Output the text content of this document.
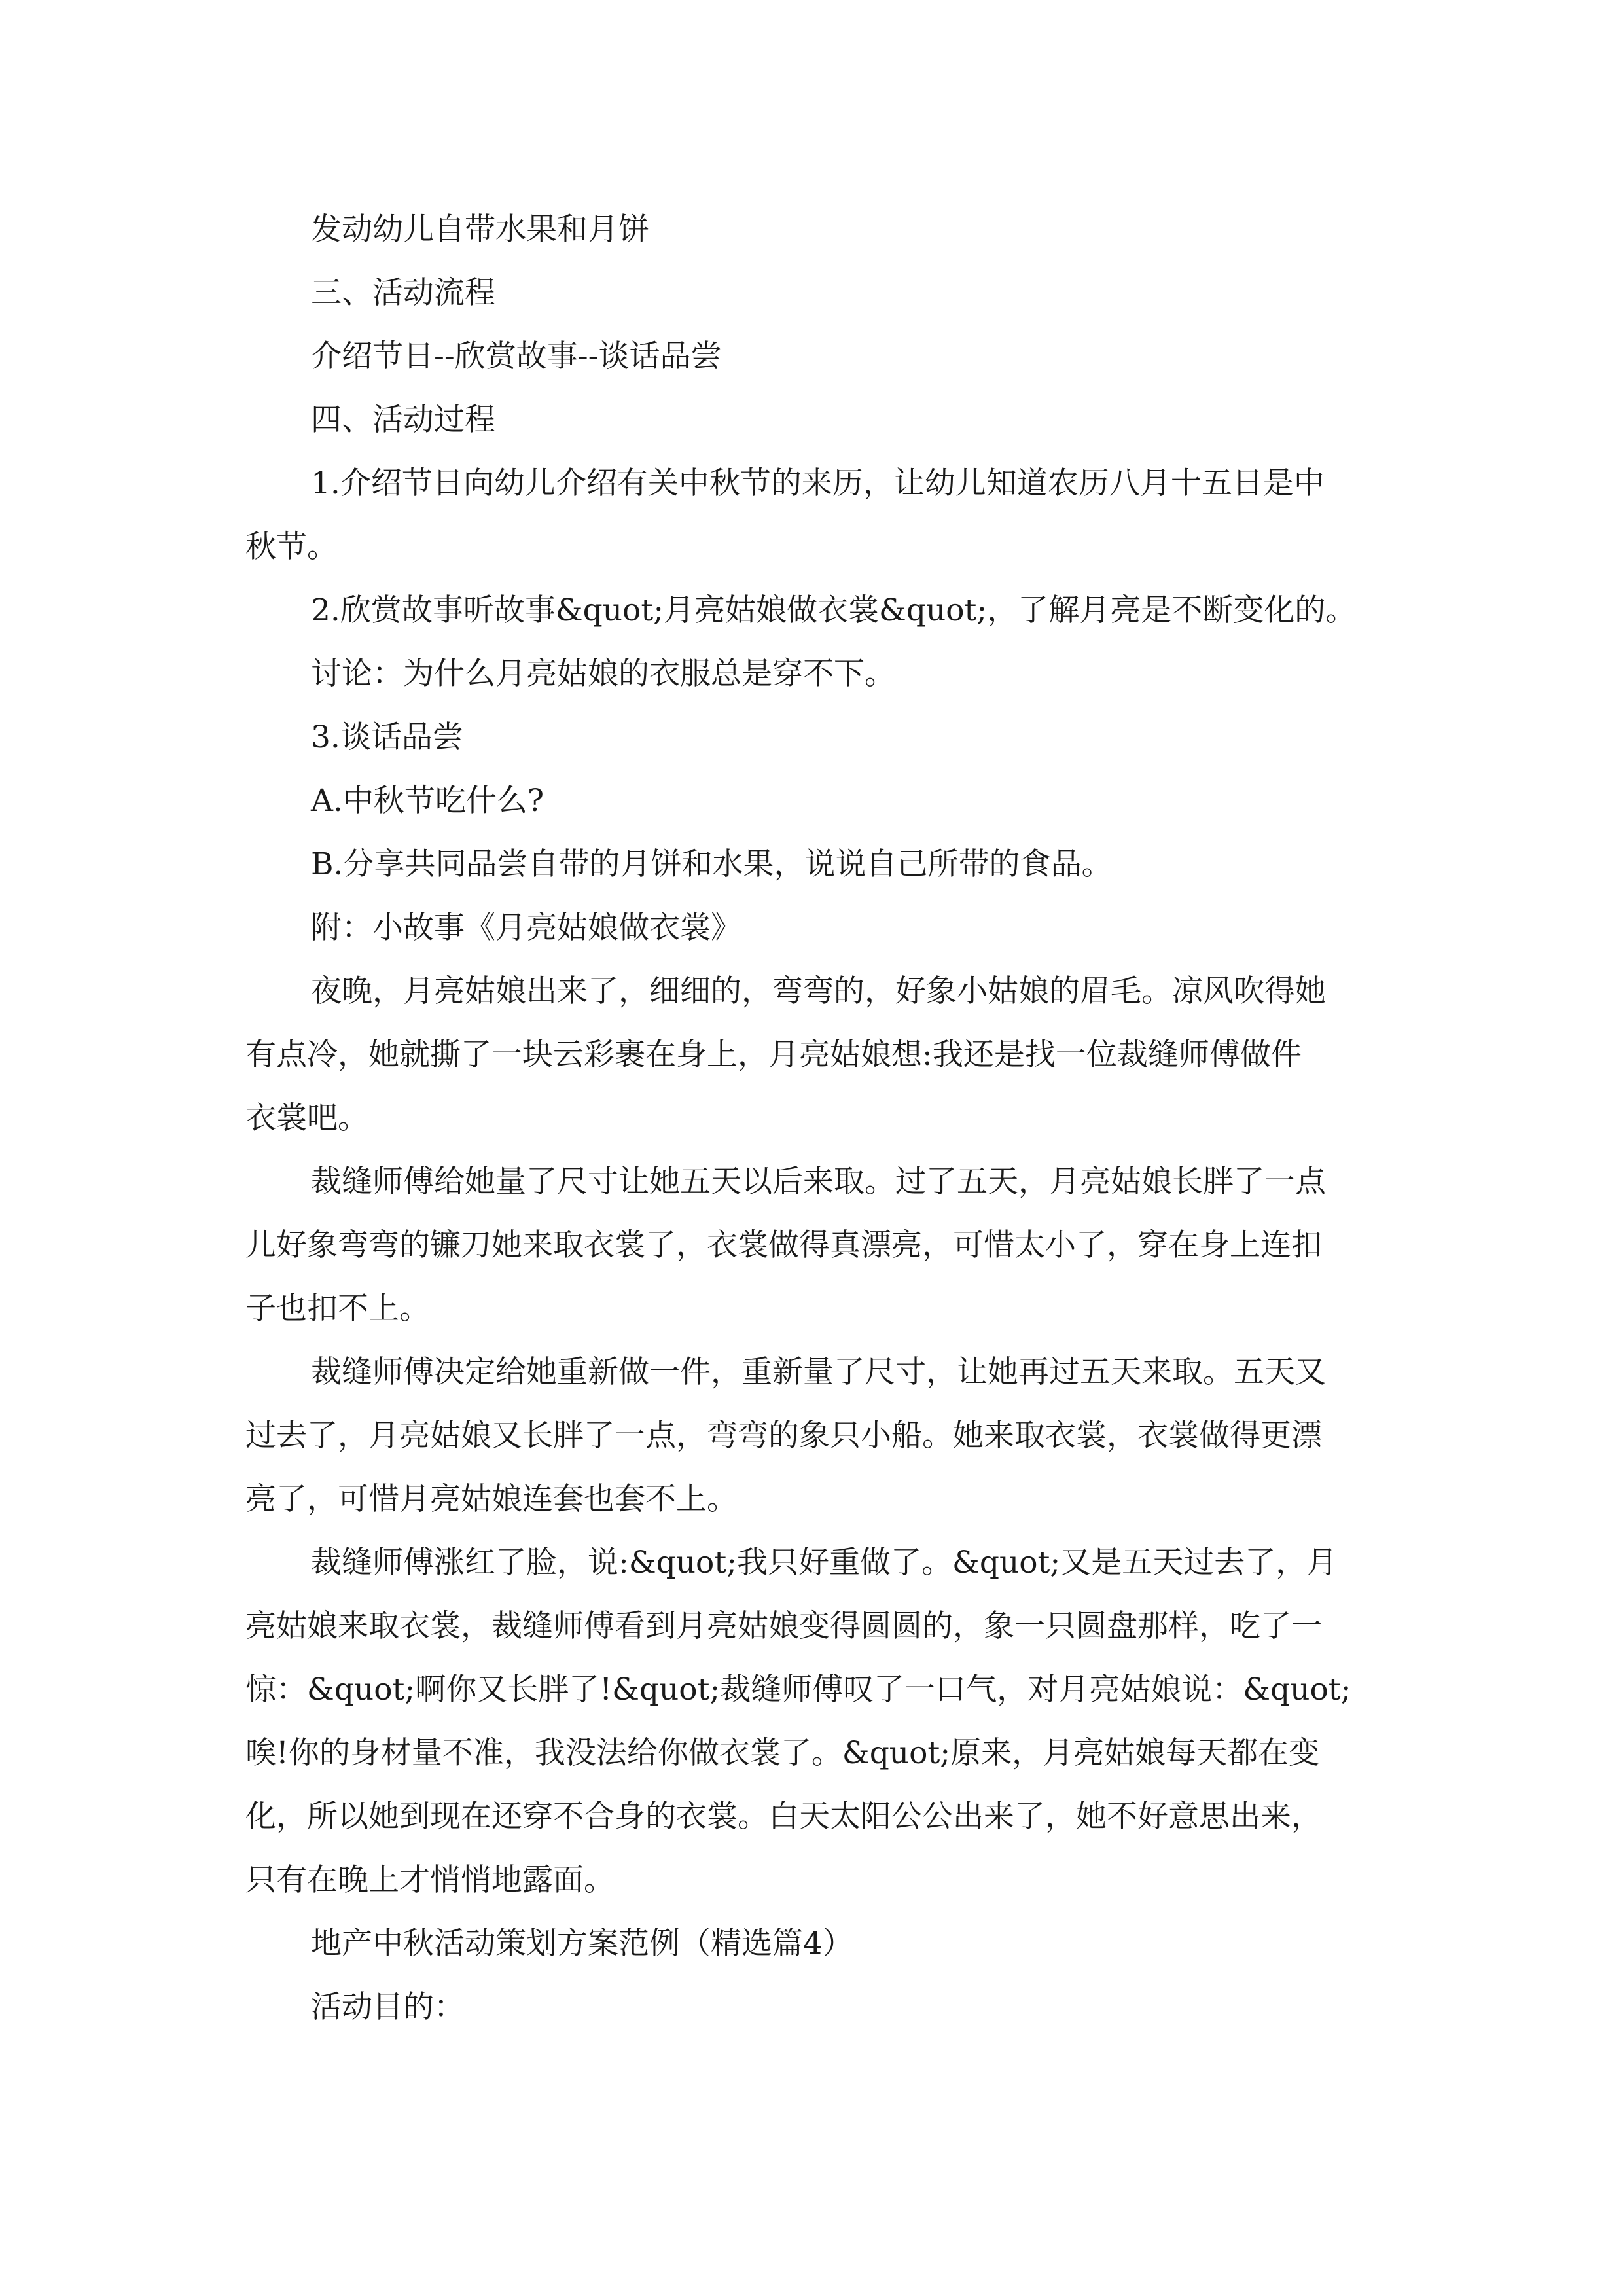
发动幼儿自带水果和月饼
三、活动流程
介绍节日--欣赏故事--谈话品尝
四、活动过程
1.介绍节日向幼儿介绍有关中秋节的来历，让幼儿知道农历八月十五日是中
秋节。
2.欣赏故事听故事&quot;月亮姑娘做衣裳&quot;，了解月亮是不断变化的。
讨论：为什么月亮姑娘的衣服总是穿不下。
3.谈话品尝
A.中秋节吃什么?
B.分享共同品尝自带的月饼和水果，说说自己所带的食品。
附：小故事《月亮姑娘做衣裳》
夜晚，月亮姑娘出来了，细细的，弯弯的，好象小姑娘的眉毛。凉风吹得她
有点冷，她就撕了一块云彩裹在身上，月亮姑娘想:我还是找一位裁缝师傅做件
衣裳吧。
裁缝师傅给她量了尺寸让她五天以后来取。过了五天，月亮姑娘长胖了一点
儿好象弯弯的镰刀她来取衣裳了，衣裳做得真漂亮，可惜太小了，穿在身上连扣
子也扣不上。
裁缝师傅决定给她重新做一件，重新量了尺寸，让她再过五天来取。五天又
过去了，月亮姑娘又长胖了一点，弯弯的象只小船。她来取衣裳，衣裳做得更漂
亮了，可惜月亮姑娘连套也套不上。
裁缝师傅涨红了脸，说:&quot;我只好重做了。&quot;又是五天过去了，月
亮姑娘来取衣裳，裁缝师傅看到月亮姑娘变得圆圆的，象一只圆盘那样，吃了一
惊：&quot;啊你又长胖了!&quot;裁缝师傅叹了一口气，对月亮姑娘说：&quot;
唉!你的身材量不准，我没法给你做衣裳了。&quot;原来，月亮姑娘每天都在变
化，所以她到现在还穿不合身的衣裳。白天太阳公公出来了，她不好意思出来，
只有在晚上才悄悄地露面。
地产中秋活动策划方案范例（精选篇4）
活动目的：
